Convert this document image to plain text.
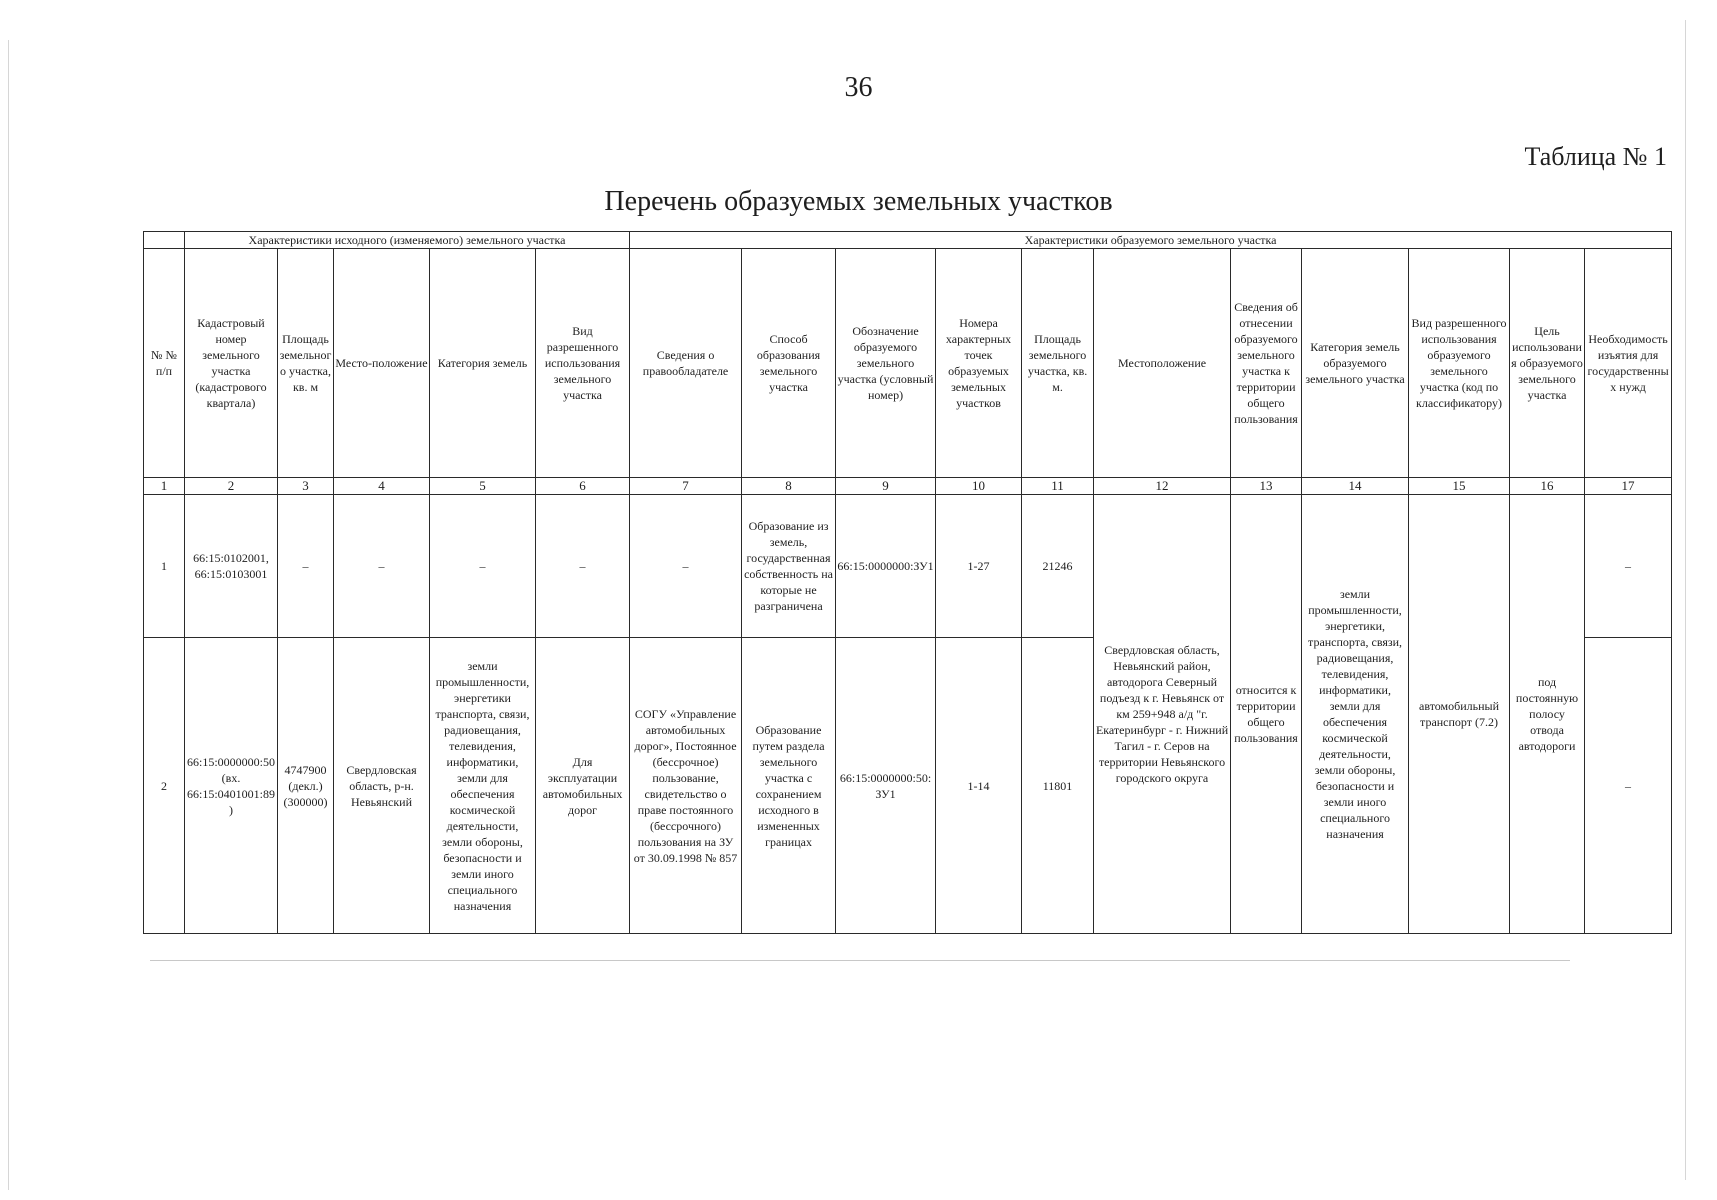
36
Таблица № 1
Перечень образуемых земельных участков
	Характеристики исходного (изменяемого) земельного участка					Характеристики образуемого земельного участка										
№ № п/п	Кадастровый номер земельного участка (кадастрового квартала)	Площадь земельного участка, кв. м	Место-положение	Категория земель	Вид разрешенного использования земельного участка	Сведения о правообладателе	Способ образования земельного участка	Обозначение образуемого земельного участка (условный номер)	Номера характерных точек образуемых земельных участков	Площадь земельного участка, кв. м.	Местоположение	Сведения об отнесении образуемого земельного участка к территории общего пользования	Категория земель образуемого земельного участка	Вид разрешенного использования образуемого земельного участка (код по классификатору)	Цель использования образуемого земельного участка	Необходимость изъятия для государственных нужд
1	2	3	4	5	6	7	8	9	10	11	12	13	14	15	16	17
1	66:15:0102001, 66:15:0103001	–	–	–	–	–	Образование из земель, государственная собственность на которые не разграничена	66:15:0000000:ЗУ1	1-27	21246	Свердловская область, Невьянский район, автодорога Северный подъезд к г. Невьянск от км 259+948 а/д "г. Екатеринбург - г. Нижний Тагил - г. Серов на территории Невьянского городского округа	относится к территории общего пользования	земли промышленности, энергетики, транспорта, связи, радиовещания, телевидения, информатики, земли для обеспечения космической деятельности, земли обороны, безопасности и земли иного специального назначения	автомобильный транспорт (7.2)	под постоянную полосу отвода автодороги	–
2	66:15:0000000:50 (вх. 66:15:0401001:89)	4747900 (декл.) (300000)	Свердловская область, р-н. Невьянский	земли промышленности, энергетики транспорта, связи, радиовещания, телевидения, информатики, земли для обеспечения космической деятельности, земли обороны, безопасности и земли иного специального назначения	Для эксплуатации автомобильных дорог	СОГУ «Управление автомобильных дорог», Постоянное (бессрочное) пользование, свидетельство о праве постоянного (бессрочного) пользования на ЗУ от 30.09.1998 № 857	Образование путем раздела земельного участка с сохранением исходного в измененных границах	66:15:0000000:50:ЗУ1	1-14	11801						–
